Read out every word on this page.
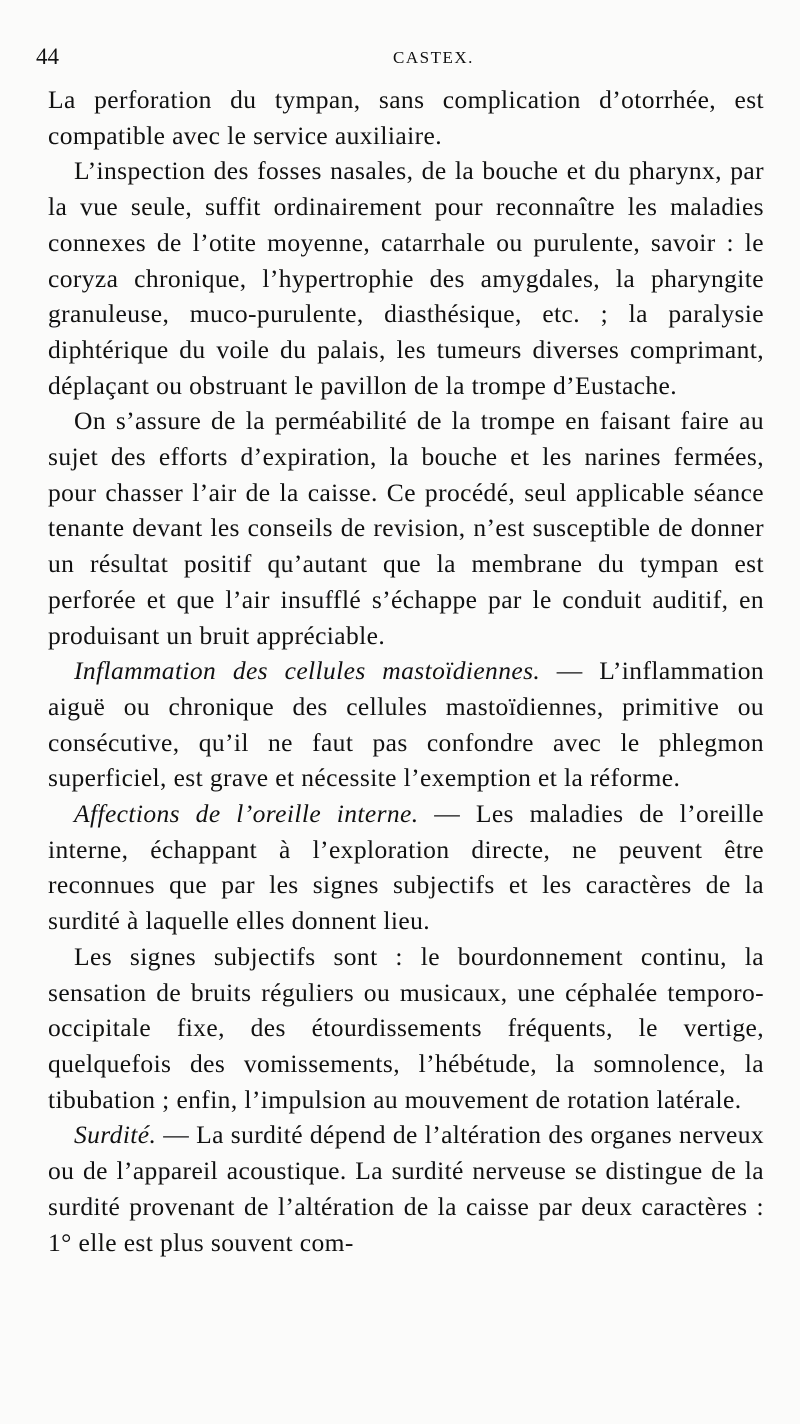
44	CASTEX.

La perforation du tympan, sans complication d’otorrhée, est compatible avec le service auxiliaire.

L’inspection des fosses nasales, de la bouche et du pharynx, par la vue seule, suffit ordinairement pour reconnaître les maladies connexes de l’otite moyenne, catarrhale ou purulente, savoir : le coryza chronique, l’hypertrophie des amygdales, la pharyngite granuleuse, muco-purulente, diasthésique, etc. ; la paralysie diphtérique du voile du palais, les tumeurs diverses comprimant, déplaçant ou obstruant le pavillon de la trompe d’Eustache.

On s’assure de la perméabilité de la trompe en faisant faire au sujet des efforts d’expiration, la bouche et les narines fermées, pour chasser l’air de la caisse. Ce procédé, seul applicable séance tenante devant les conseils de revision, n’est susceptible de donner un résultat positif qu’autant que la membrane du tympan est perforée et que l’air insufflé s’échappe par le conduit auditif, en produisant un bruit appréciable.

Inflammation des cellules mastoïdiennes. — L’inflammation aiguë ou chronique des cellules mastoïdiennes, primitive ou consécutive, qu’il ne faut pas confondre avec le phlegmon superficiel, est grave et nécessite l’exemption et la réforme.

Affections de l’oreille interne. — Les maladies de l’oreille interne, échappant à l’exploration directe, ne peuvent être reconnues que par les signes subjectifs et les caractères de la surdité à laquelle elles donnent lieu.

Les signes subjectifs sont : le bourdonnement continu, la sensation de bruits réguliers ou musicaux, une céphalée temporo-occipitale fixe, des étourdissements fréquents, le vertige, quelquefois des vomissements, l’hébétude, la somnolence, la tibubation ; enfin, l’impulsion au mouvement de rotation latérale.

Surdité. — La surdité dépend de l’altération des organes nerveux ou de l’appareil acoustique. La surdité nerveuse se distingue de la surdité provenant de l’altération de la caisse par deux caractères : 1° elle est plus souvent com-
